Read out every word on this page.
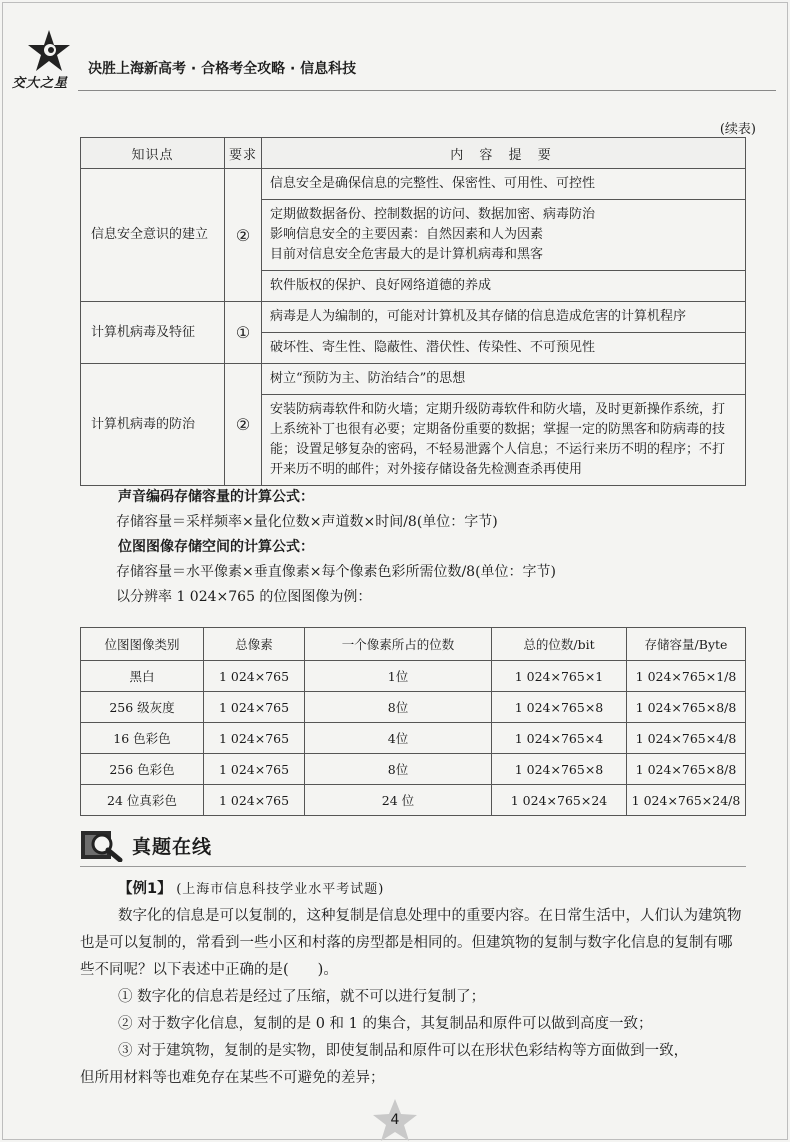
交大之星
决胜上海新高考 · 合格考全攻略 · 信息科技
(续表)
知识点	要求	内 容 提 要
信息安全意识的建立	②	信息安全是确保信息的完整性、保密性、可用性、可控性

		定期做数据备份、控制数据的访问、数据加密、病毒防治
影响信息安全的主要因素：自然因素和人为因素
目前对信息安全危害最大的是计算机病毒和黑客

		软件版权的保护、良好网络道德的养成
计算机病毒及特征	①	病毒是人为编制的，可能对计算机及其存储的信息造成危害的计算机程序
		破坏性、寄生性、隐蔽性、潜伏性、传染性、不可预见性
计算机病毒的防治	②	树立“预防为主、防治结合”的思想
		安装防病毒软件和防火墙；定期升级防毒软件和防火墙，及时更新操作系统，打上系统补丁也很有必要；定期备份重要的数据；掌握一定的防黑客和防病毒的技能；设置足够复杂的密码，不轻易泄露个人信息；不运行来历不明的程序；不打开来历不明的邮件；对外接存储设备先检测查杀再使用
声音编码存储容量的计算公式：
存储容量＝采样频率×量化位数×声道数×时间/8(单位：字节)
位图图像存储空间的计算公式：
存储容量＝水平像素×垂直像素×每个像素色彩所需位数/8(单位：字节)
以分辨率 1 024×765 的位图图像为例：
位图图像类别	总像素	一个像素所占的位数	总的位数/bit	存储容量/Byte
黑白	1 024×765	1位	1 024×765×1	1 024×765×1/8
256 级灰度	1 024×765	8位	1 024×765×8	1 024×765×8/8
16 色彩色	1 024×765	4位	1 024×765×4	1 024×765×4/8
256 色彩色	1 024×765	8位	1 024×765×8	1 024×765×8/8
24 位真彩色	1 024×765	24 位	1 024×765×24	1 024×765×24/8
真题在线

【例1】 (上海市信息科技学业水平考试题)

数字化的信息是可以复制的，这种复制是信息处理中的重要内容。在日常生活中，人们认为建筑物也是可以复制的，常看到一些小区和村落的房型都是相同的。但建筑物的复制与数字化信息的复制有哪些不同呢？以下表述中正确的是(　　)。

① 数字化的信息若是经过了压缩，就不可以进行复制了；

② 对于数字化信息，复制的是 0 和 1 的集合，其复制品和原件可以做到高度一致；

③ 对于建筑物，复制的是实物，即使复制品和原件可以在形状色彩结构等方面做到一致，

但所用材料等也难免存在某些不可避免的差异；

4
